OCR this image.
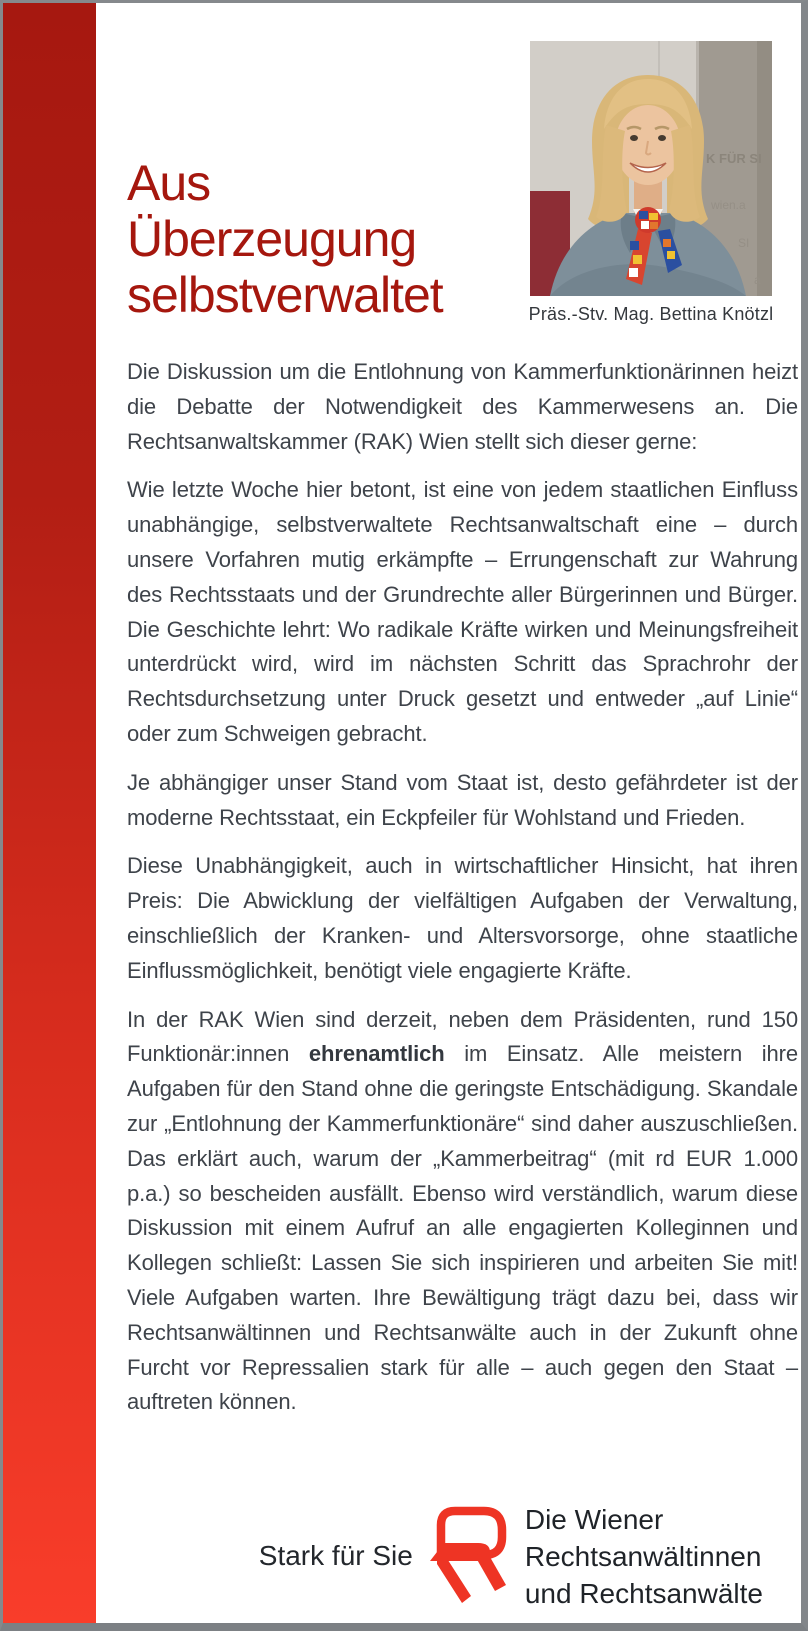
Aus
Überzeugung
selbstverwaltet
K FÜR SI
wien.a
SI
a
Präs.-Stv. Mag. Bettina Knötzl

Die Diskussion um die Entlohnung von Kammerfunktionärinnen heizt die Debatte der Notwendigkeit des Kammerwesens an. Die Rechtsanwaltskammer (RAK) Wien stellt sich dieser gerne:

Wie letzte Woche hier betont, ist eine von jedem staatlichen Einfluss unabhängige, selbstverwaltete Rechtsanwaltschaft eine – durch unsere Vorfahren mutig erkämpfte – Errungenschaft zur Wahrung des Rechtsstaats und der Grundrechte aller Bürgerinnen und Bürger. Die Geschichte lehrt: Wo radikale Kräfte wirken und Meinungsfreiheit unterdrückt wird, wird im nächsten Schritt das Sprachrohr der Rechtsdurchsetzung unter Druck gesetzt und entweder „auf Linie“ oder zum Schweigen gebracht.

Je abhängiger unser Stand vom Staat ist, desto gefährdeter ist der moderne Rechtsstaat, ein Eckpfeiler für Wohlstand und Frieden.

Diese Unabhängigkeit, auch in wirtschaftlicher Hinsicht, hat ihren Preis: Die Abwicklung der vielfältigen Aufgaben der Verwaltung, einschließlich der Kranken- und Altersvorsorge, ohne staatliche Einflussmöglichkeit, benötigt viele engagierte Kräfte.

In der RAK Wien sind derzeit, neben dem Präsidenten, rund 150 Funktionär:innen ehrenamtlich im Einsatz. Alle meistern ihre Aufgaben für den Stand ohne die geringste Entschädigung. Skandale zur „Entlohnung der Kammerfunktionäre“ sind daher auszuschließen. Das erklärt auch, warum der „Kammerbeitrag“ (mit rd EUR 1.000 p.a.) so bescheiden ausfällt. Ebenso wird verständlich, warum diese Diskussion mit einem Aufruf an alle engagierten Kolleginnen und Kollegen schließt: Lassen Sie sich inspirieren und arbeiten Sie mit! Viele Aufgaben warten. Ihre Bewältigung trägt dazu bei, dass wir Rechtsanwältinnen und Rechtsanwälte auch in der Zukunft ohne Furcht vor Repressalien stark für alle – auch gegen den Staat – auftreten können.

Stark für Sie
Die Wiener
Rechtsanwältinnen
und Rechtsanwälte
